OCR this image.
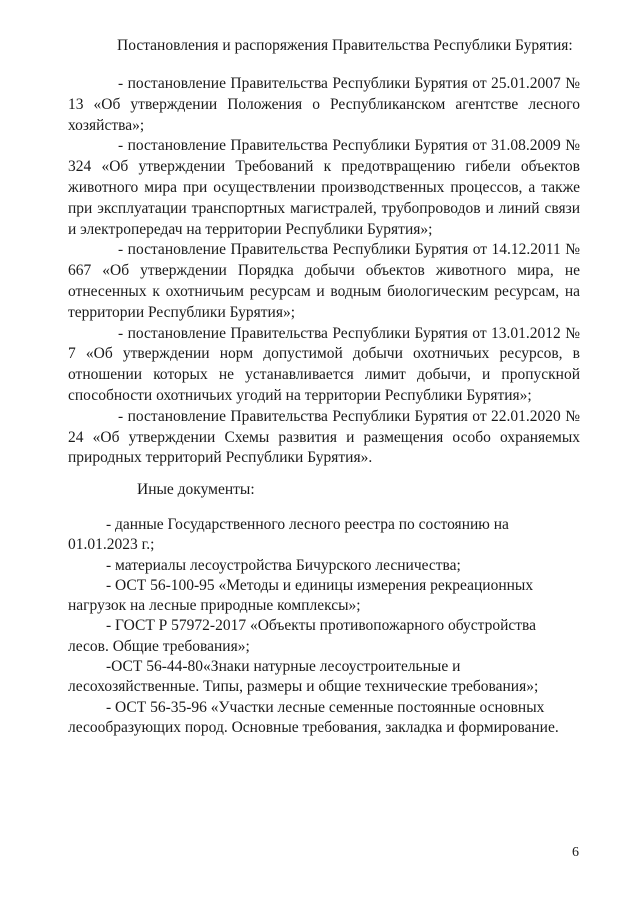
Постановления и распоряжения Правительства Республики Бурятия:

- постановление Правительства Республики Бурятия от 25.01.2007 № 13 «Об утверждении Положения о Республиканском агентстве лесного хозяйства»;

- постановление Правительства Республики Бурятия от 31.08.2009 № 324 «Об утверждении Требований к предотвращению гибели объектов животного мира при осуществлении производственных процессов, а также при эксплуатации транспортных магистралей, трубопроводов и линий связи и электропередач на территории Республики Бурятия»;

- постановление Правительства Республики Бурятия от 14.12.2011 № 667 «Об утверждении Порядка добычи объектов животного мира, не отнесенных к охотничьим ресурсам и водным биологическим ресурсам, на территории Республики Бурятия»;

- постановление Правительства Республики Бурятия от 13.01.2012 № 7 «Об утверждении норм допустимой добычи охотничьих ресурсов, в отношении которых не устанавливается лимит добычи, и пропускной способности охотничьих угодий на территории Республики Бурятия»;

- постановление Правительства Республики Бурятия от 22.01.2020 № 24 «Об утверждении Схемы развития и размещения особо охраняемых природных территорий Республики Бурятия».

Иные документы:

- данные Государственного лесного реестра по состоянию на 01.01.2023 г.;

- материалы лесоустройства Бичурского лесничества;

- ОСТ 56-100-95 «Методы и единицы измерения рекреационных нагрузок на лесные природные комплексы»;

- ГОСТ Р 57972-2017 «Объекты противопожарного обустройства лесов. Общие требования»;

-ОСТ 56-44-80«Знаки натурные лесоустроительные и лесохозяйственные. Типы, размеры и общие технические требования»;

- ОСТ 56-35-96 «Участки лесные семенные постоянные основных лесообразующих пород. Основные требования, закладка и формирование.

6
